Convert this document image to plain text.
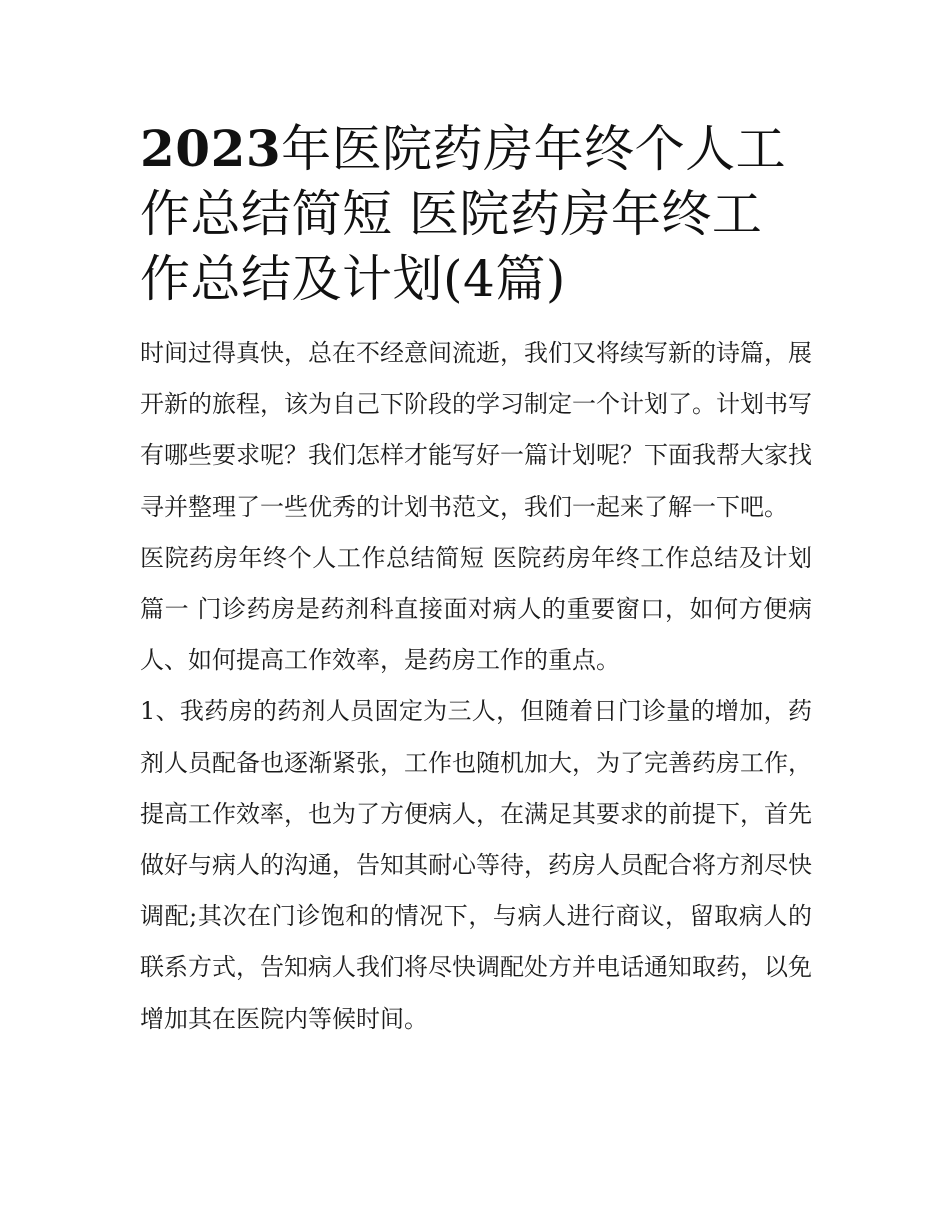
2023年医院药房年终个人工作总结简短 医院药房年终工作总结及计划(4篇)

时间过得真快，总在不经意间流逝，我们又将续写新的诗篇，展开新的旅程，该为自己下阶段的学习制定一个计划了。计划书写有哪些要求呢？我们怎样才能写好一篇计划呢？下面我帮大家找寻并整理了一些优秀的计划书范文，我们一起来了解一下吧。

医院药房年终个人工作总结简短 医院药房年终工作总结及计划篇一 门诊药房是药剂科直接面对病人的重要窗口，如何方便病人、如何提高工作效率，是药房工作的重点。

1、我药房的药剂人员固定为三人，但随着日门诊量的增加，药剂人员配备也逐渐紧张，工作也随机加大，为了完善药房工作，提高工作效率，也为了方便病人，在满足其要求的前提下，首先做好与病人的沟通，告知其耐心等待，药房人员配合将方剂尽快调配;其次在门诊饱和的情况下，与病人进行商议，留取病人的联系方式，告知病人我们将尽快调配处方并电话通知取药，以免增加其在医院内等候时间。
